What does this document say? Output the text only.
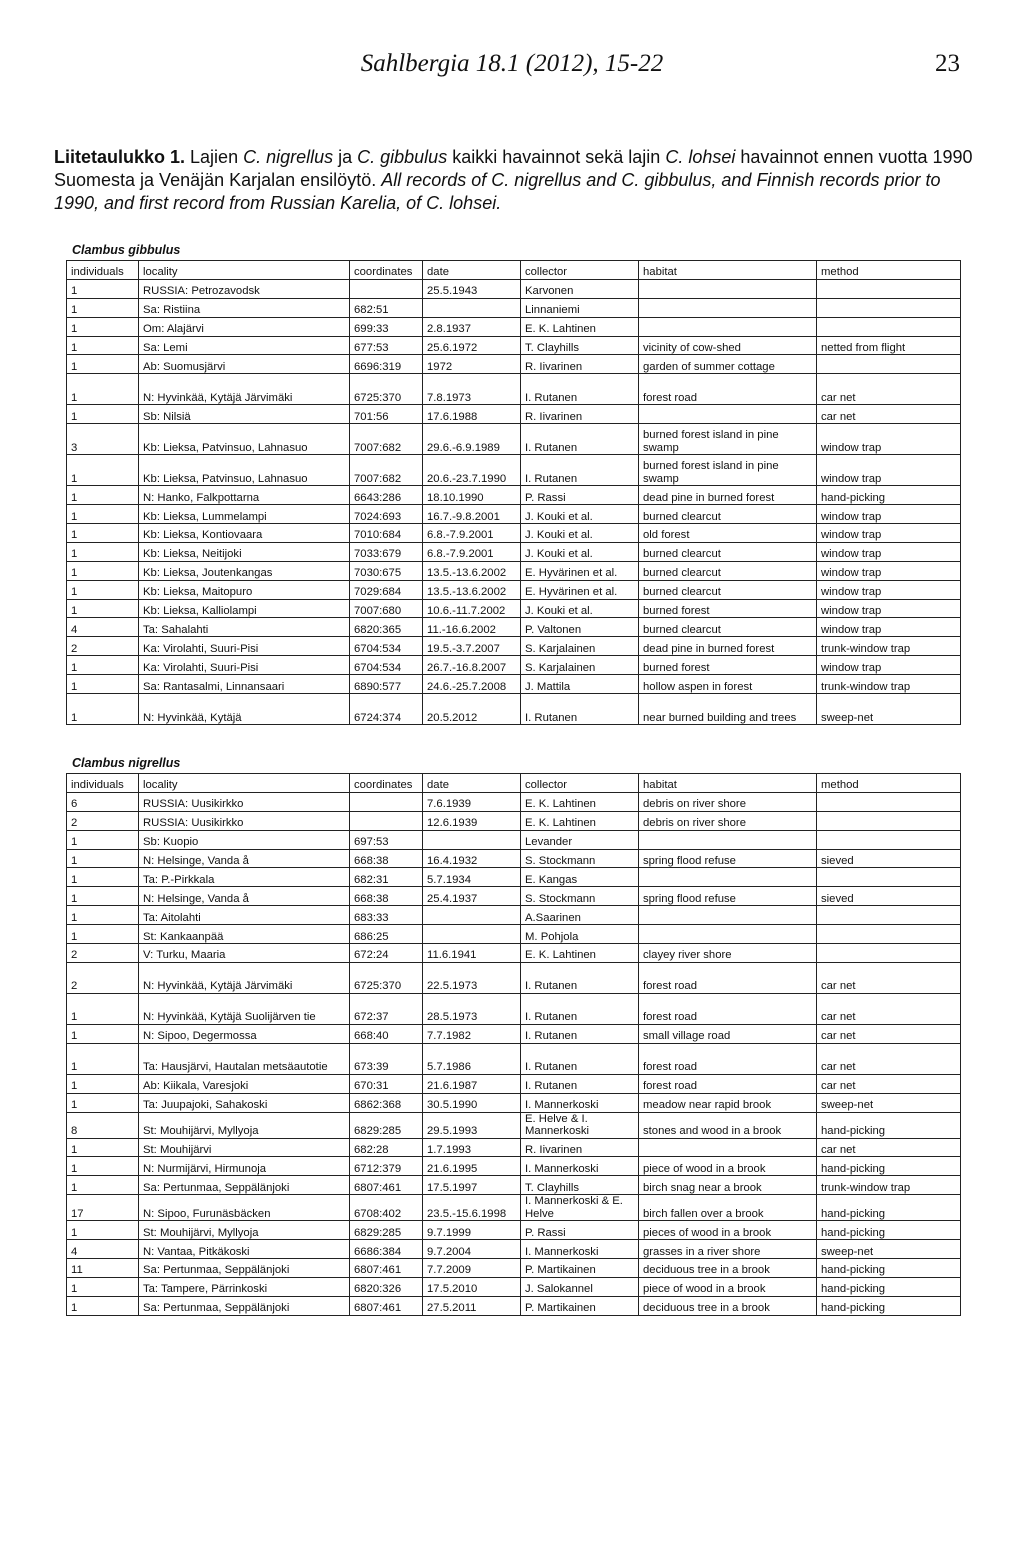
Sahlbergia 18.1 (2012), 15-22	23
Liitetaulukko 1. Lajien C. nigrellus ja C. gibbulus kaikki havainnot sekä lajin C. lohsei havainnot ennen vuotta 1990 Suomesta ja Venäjän Karjalan ensilöytö. All records of C. nigrellus and C. gibbulus, and Finnish records prior to 1990, and first record from Russian Karelia, of C. lohsei.
Clambus gibbulus
individuals	locality	coordinates	date	collector	habitat	method
1	RUSSIA: Petrozavodsk		25.5.1943	Karvonen		
1	Sa: Ristiina	682:51		Linnaniemi		
1	Om: Alajärvi	699:33	2.8.1937	E. K. Lahtinen		
1	Sa: Lemi	677:53	25.6.1972	T. Clayhills	vicinity of cow-shed	netted from flight
1	Ab: Suomusjärvi	6696:319	1972	R. Iivarinen	garden of summer cottage	
1	N: Hyvinkää, Kytäjä Järvimäki	6725:370	7.8.1973	I. Rutanen	forest road	car net
1	Sb: Nilsiä	701:56	17.6.1988	R. Iivarinen		car net
3	Kb: Lieksa, Patvinsuo, Lahnasuo	7007:682	29.6.-6.9.1989	I. Rutanen	burned forest island in pine swamp	window trap
1	Kb: Lieksa, Patvinsuo, Lahnasuo	7007:682	20.6.-23.7.1990	I. Rutanen	burned forest island in pine swamp	window trap
1	N: Hanko, Falkpottarna	6643:286	18.10.1990	P. Rassi	dead pine in burned forest	hand-picking
1	Kb: Lieksa, Lummelampi	7024:693	16.7.-9.8.2001	J. Kouki et al.	burned clearcut	window trap
1	Kb: Lieksa, Kontiovaara	7010:684	6.8.-7.9.2001	J. Kouki et al.	old forest	window trap
1	Kb: Lieksa, Neitijoki	7033:679	6.8.-7.9.2001	J. Kouki et al.	burned clearcut	window trap
1	Kb: Lieksa, Joutenkangas	7030:675	13.5.-13.6.2002	E. Hyvärinen et al.	burned clearcut	window trap
1	Kb: Lieksa, Maitopuro	7029:684	13.5.-13.6.2002	E. Hyvärinen et al.	burned clearcut	window trap
1	Kb: Lieksa, Kalliolampi	7007:680	10.6.-11.7.2002	J. Kouki et al.	burned forest	window trap
4	Ta: Sahalahti	6820:365	11.-16.6.2002	P. Valtonen	burned clearcut	window trap
2	Ka: Virolahti, Suuri-Pisi	6704:534	19.5.-3.7.2007	S. Karjalainen	dead pine in burned forest	trunk-window trap
1	Ka: Virolahti, Suuri-Pisi	6704:534	26.7.-16.8.2007	S. Karjalainen	burned forest	window trap
1	Sa: Rantasalmi, Linnansaari	6890:577	24.6.-25.7.2008	J. Mattila	hollow aspen in forest	trunk-window trap
1	N: Hyvinkää, Kytäjä	6724:374	20.5.2012	I. Rutanen	near burned building and trees	sweep-net
Clambus nigrellus
individuals	locality	coordinates	date	collector	habitat	method
6	RUSSIA: Uusikirkko		7.6.1939	E. K. Lahtinen	debris on river shore	
2	RUSSIA: Uusikirkko		12.6.1939	E. K. Lahtinen	debris on river shore	
1	Sb: Kuopio	697:53		Levander		
1	N: Helsinge, Vanda å	668:38	16.4.1932	S. Stockmann	spring flood refuse	sieved
1	Ta: P.-Pirkkala	682:31	5.7.1934	E. Kangas		
1	N: Helsinge, Vanda å	668:38	25.4.1937	S. Stockmann	spring flood refuse	sieved
1	Ta: Aitolahti	683:33		A.Saarinen		
1	St: Kankaanpää	686:25		M. Pohjola		
2	V: Turku, Maaria	672:24	11.6.1941	E. K. Lahtinen	clayey river shore	
2	N: Hyvinkää, Kytäjä Järvimäki	6725:370	22.5.1973	I. Rutanen	forest road	car net
1	N: Hyvinkää, Kytäjä Suolijärven tie	672:37	28.5.1973	I. Rutanen	forest road	car net
1	N: Sipoo, Degermossa	668:40	7.7.1982	I. Rutanen	small village road	car net
1	Ta: Hausjärvi, Hautalan metsäautotie	673:39	5.7.1986	I. Rutanen	forest road	car net
1	Ab: Kiikala, Varesjoki	670:31	21.6.1987	I. Rutanen	forest road	car net
1	Ta: Juupajoki, Sahakoski	6862:368	30.5.1990	I. Mannerkoski	meadow near rapid brook	sweep-net
8	St: Mouhijärvi, Myllyoja	6829:285	29.5.1993	E. Helve & I. Mannerkoski	stones and wood in a brook	hand-picking
1	St: Mouhijärvi	682:28	1.7.1993	R. Iivarinen		car net
1	N: Nurmijärvi, Hirmunoja	6712:379	21.6.1995	I. Mannerkoski	piece of wood in a brook	hand-picking
1	Sa: Pertunmaa, Seppälänjoki	6807:461	17.5.1997	T. Clayhills	birch snag near a brook	trunk-window trap
17	N: Sipoo, Furunäsbäcken	6708:402	23.5.-15.6.1998	I. Mannerkoski & E. Helve	birch fallen over a brook	hand-picking
1	St: Mouhijärvi, Myllyoja	6829:285	9.7.1999	P. Rassi	pieces of wood in a brook	hand-picking
4	N: Vantaa, Pitkäkoski	6686:384	9.7.2004	I. Mannerkoski	grasses in a river shore	sweep-net
11	Sa: Pertunmaa, Seppälänjoki	6807:461	7.7.2009	P. Martikainen	deciduous tree in a brook	hand-picking
1	Ta: Tampere, Pärrinkoski	6820:326	17.5.2010	J. Salokannel	piece of wood in a brook	hand-picking
1	Sa: Pertunmaa, Seppälänjoki	6807:461	27.5.2011	P. Martikainen	deciduous tree in a brook	hand-picking
